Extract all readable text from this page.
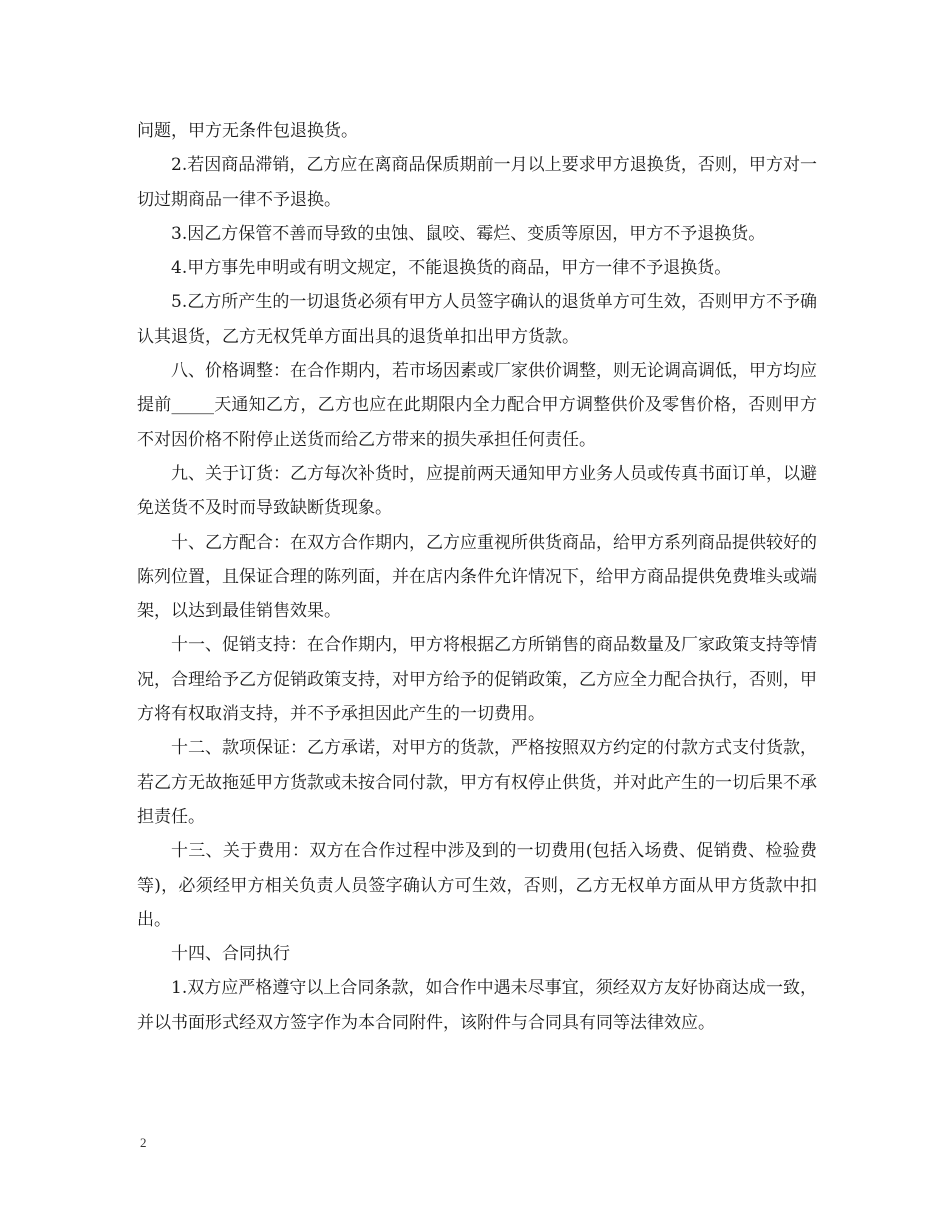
问题，甲方无条件包退换货。

2.若因商品滞销，乙方应在离商品保质期前一月以上要求甲方退换货，否则，甲方对一切过期商品一律不予退换。

3.因乙方保管不善而导致的虫蚀、鼠咬、霉烂、变质等原因，甲方不予退换货。

4.甲方事先申明或有明文规定，不能退换货的商品，甲方一律不予退换货。

5.乙方所产生的一切退货必须有甲方人员签字确认的退货单方可生效，否则甲方不予确认其退货，乙方无权凭单方面出具的退货单扣出甲方货款。

八、价格调整：在合作期内，若市场因素或厂家供价调整，则无论调高调低，甲方均应提前_____天通知乙方，乙方也应在此期限内全力配合甲方调整供价及零售价格，否则甲方不对因价格不附停止送货而给乙方带来的损失承担任何责任。

九、关于订货：乙方每次补货时，应提前两天通知甲方业务人员或传真书面订单，以避免送货不及时而导致缺断货现象。

十、乙方配合：在双方合作期内，乙方应重视所供货商品，给甲方系列商品提供较好的陈列位置，且保证合理的陈列面，并在店内条件允许情况下，给甲方商品提供免费堆头或端架，以达到最佳销售效果。

十一、促销支持：在合作期内，甲方将根据乙方所销售的商品数量及厂家政策支持等情况，合理给予乙方促销政策支持，对甲方给予的促销政策，乙方应全力配合执行，否则，甲方将有权取消支持，并不予承担因此产生的一切费用。

十二、款项保证：乙方承诺，对甲方的货款，严格按照双方约定的付款方式支付货款，若乙方无故拖延甲方货款或未按合同付款，甲方有权停止供货，并对此产生的一切后果不承担责任。

十三、关于费用：双方在合作过程中涉及到的一切费用(包括入场费、促销费、检验费等)，必须经甲方相关负责人员签字确认方可生效，否则，乙方无权单方面从甲方货款中扣出。

十四、合同执行

1.双方应严格遵守以上合同条款，如合作中遇未尽事宜，须经双方友好协商达成一致，并以书面形式经双方签字作为本合同附件，该附件与合同具有同等法律效应。

2
